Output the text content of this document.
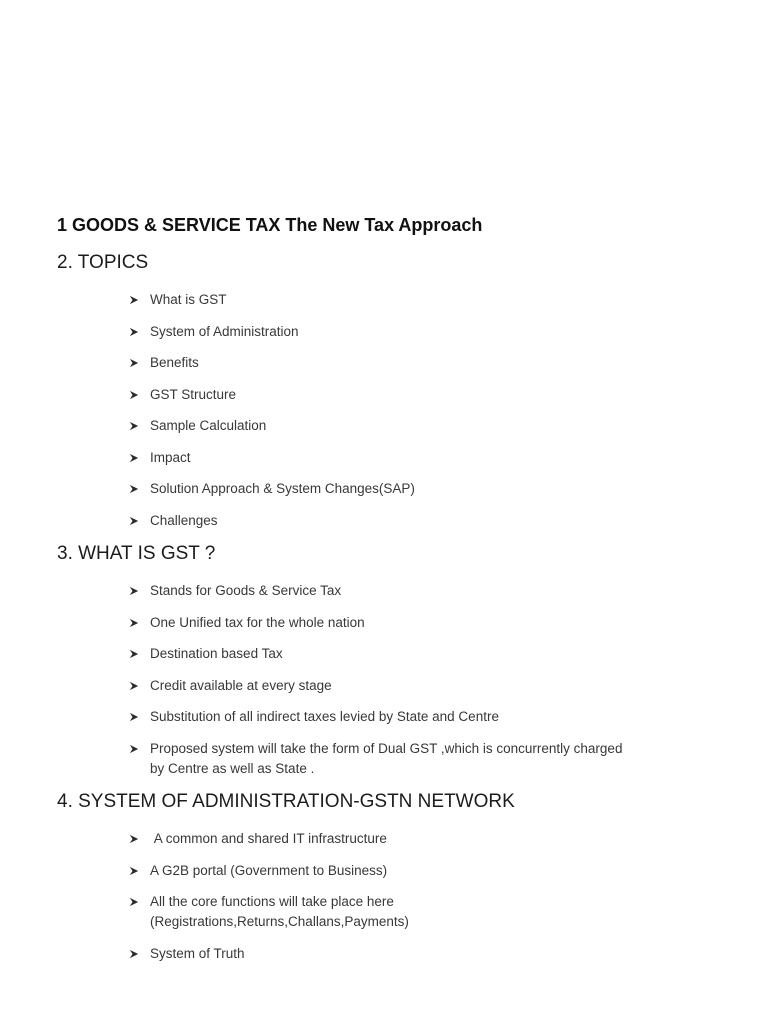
1 GOODS & SERVICE TAX The New Tax Approach
2. TOPICS
What is GST
System of Administration
Benefits
GST Structure
Sample Calculation
Impact
Solution Approach & System Changes(SAP)
Challenges
3. WHAT IS GST ?
Stands for Goods & Service Tax
One Unified tax for the whole nation
Destination based Tax
Credit available at every stage
Substitution of all indirect taxes levied by State and Centre
Proposed system will take the form of Dual GST ,which is concurrently charged
by Centre as well as State .
4. SYSTEM OF ADMINISTRATION-GSTN NETWORK
A common and shared IT infrastructure
A G2B portal (Government to Business)
All the core functions will take place here
(Registrations,Returns,Challans,Payments)
System of Truth
